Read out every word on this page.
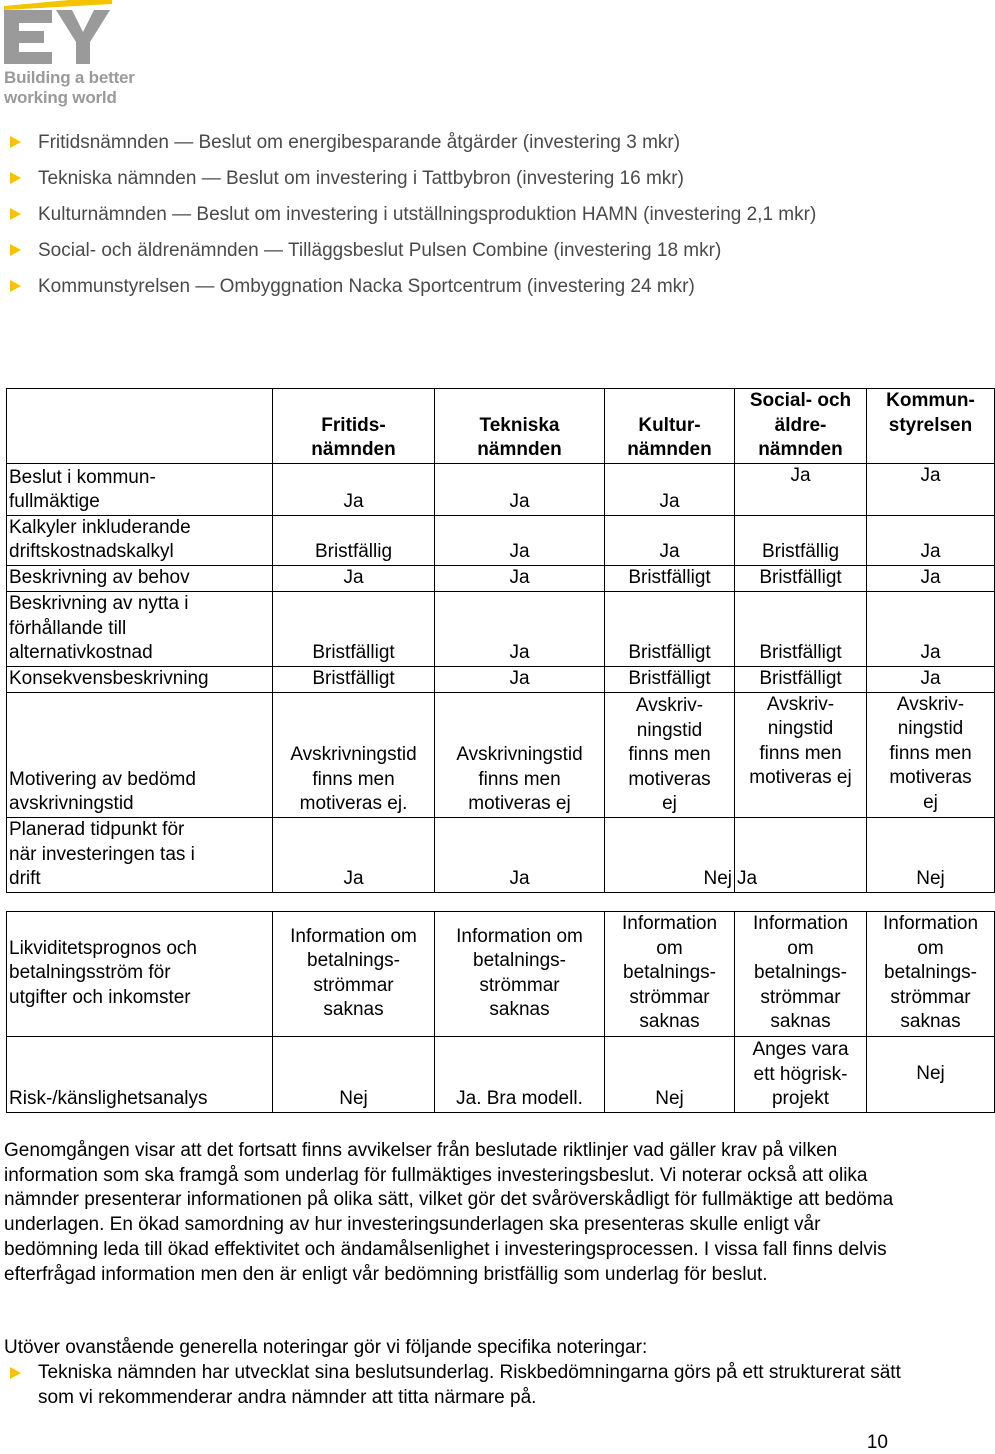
Building a better
working world
Fritidsnämnden — Beslut om energibesparande åtgärder (investering 3 mkr)
Tekniska nämnden — Beslut om investering i Tattbybron (investering 16 mkr)
Kulturnämnden — Beslut om investering i utställningsproduktion HAMN (investering 2,1 mkr)
Social- och äldrenämnden — Tilläggsbeslut Pulsen Combine (investering 18 mkr)
Kommunstyrelsen — Ombyggnation Nacka Sportcentrum (investering 24 mkr)
	Fritids-
nämnden	Tekniska
nämnden	Kultur-
nämnden	Social- och
äldre-
nämnden	Kommun-
styrelsen
Beslut i kommun-
fullmäktige	Ja	Ja	Ja	Ja	Ja
Kalkyler inkluderande
driftskostnadskalkyl	Bristfällig	Ja	Ja	Bristfällig	Ja
Beskrivning av behov	Ja	Ja	Bristfälligt	Bristfälligt	Ja
Beskrivning av nytta i
förhållande till
alternativkostnad	Bristfälligt	Ja	Bristfälligt	Bristfälligt	Ja
Konsekvensbeskrivning	Bristfälligt	Ja	Bristfälligt	Bristfälligt	Ja
Motivering av bedömd
avskrivningstid	Avskrivningstid
finns men
motiveras ej.	Avskrivningstid
finns men
motiveras ej	Avskriv-
ningstid
finns men
motiveras
ej	Avskriv-
ningstid
finns men
motiveras ej	Avskriv-
ningstid
finns men
motiveras
ej
Planerad tidpunkt för
när investeringen tas i
drift	Ja	Ja	Nej	Ja	Nej

Likviditetsprognos och
betalningsström för
utgifter och inkomster	Information om
betalnings-
strömmar
saknas	Information om
betalnings-
strömmar
saknas	Information
om
betalnings-
strömmar
saknas	Information
om
betalnings-
strömmar
saknas	Information
om
betalnings-
strömmar
saknas
Risk-/känslighetsanalys	Nej	Ja. Bra modell.	Nej	Anges vara
ett högrisk-
projekt	Nej

Genomgången visar att det fortsatt finns avvikelser från beslutade riktlinjer vad gäller krav på vilken information som ska framgå som underlag för fullmäktiges investeringsbeslut. Vi noterar också att olika nämnder presenterar informationen på olika sätt, vilket gör det svåröverskådligt för fullmäktige att bedöma underlagen. En ökad samordning av hur investeringsunderlagen ska presenteras skulle enligt vår bedömning leda till ökad effektivitet och ändamålsenlighet i investeringsprocessen. I vissa fall finns delvis efterfrågad information men den är enligt vår bedömning bristfällig som underlag för beslut.

Utöver ovanstående generella noteringar gör vi följande specifika noteringar:

Tekniska nämnden har utvecklat sina beslutsunderlag. Riskbedömningarna görs på ett strukturerat sätt som vi rekommenderar andra nämnder att titta närmare på.
10
